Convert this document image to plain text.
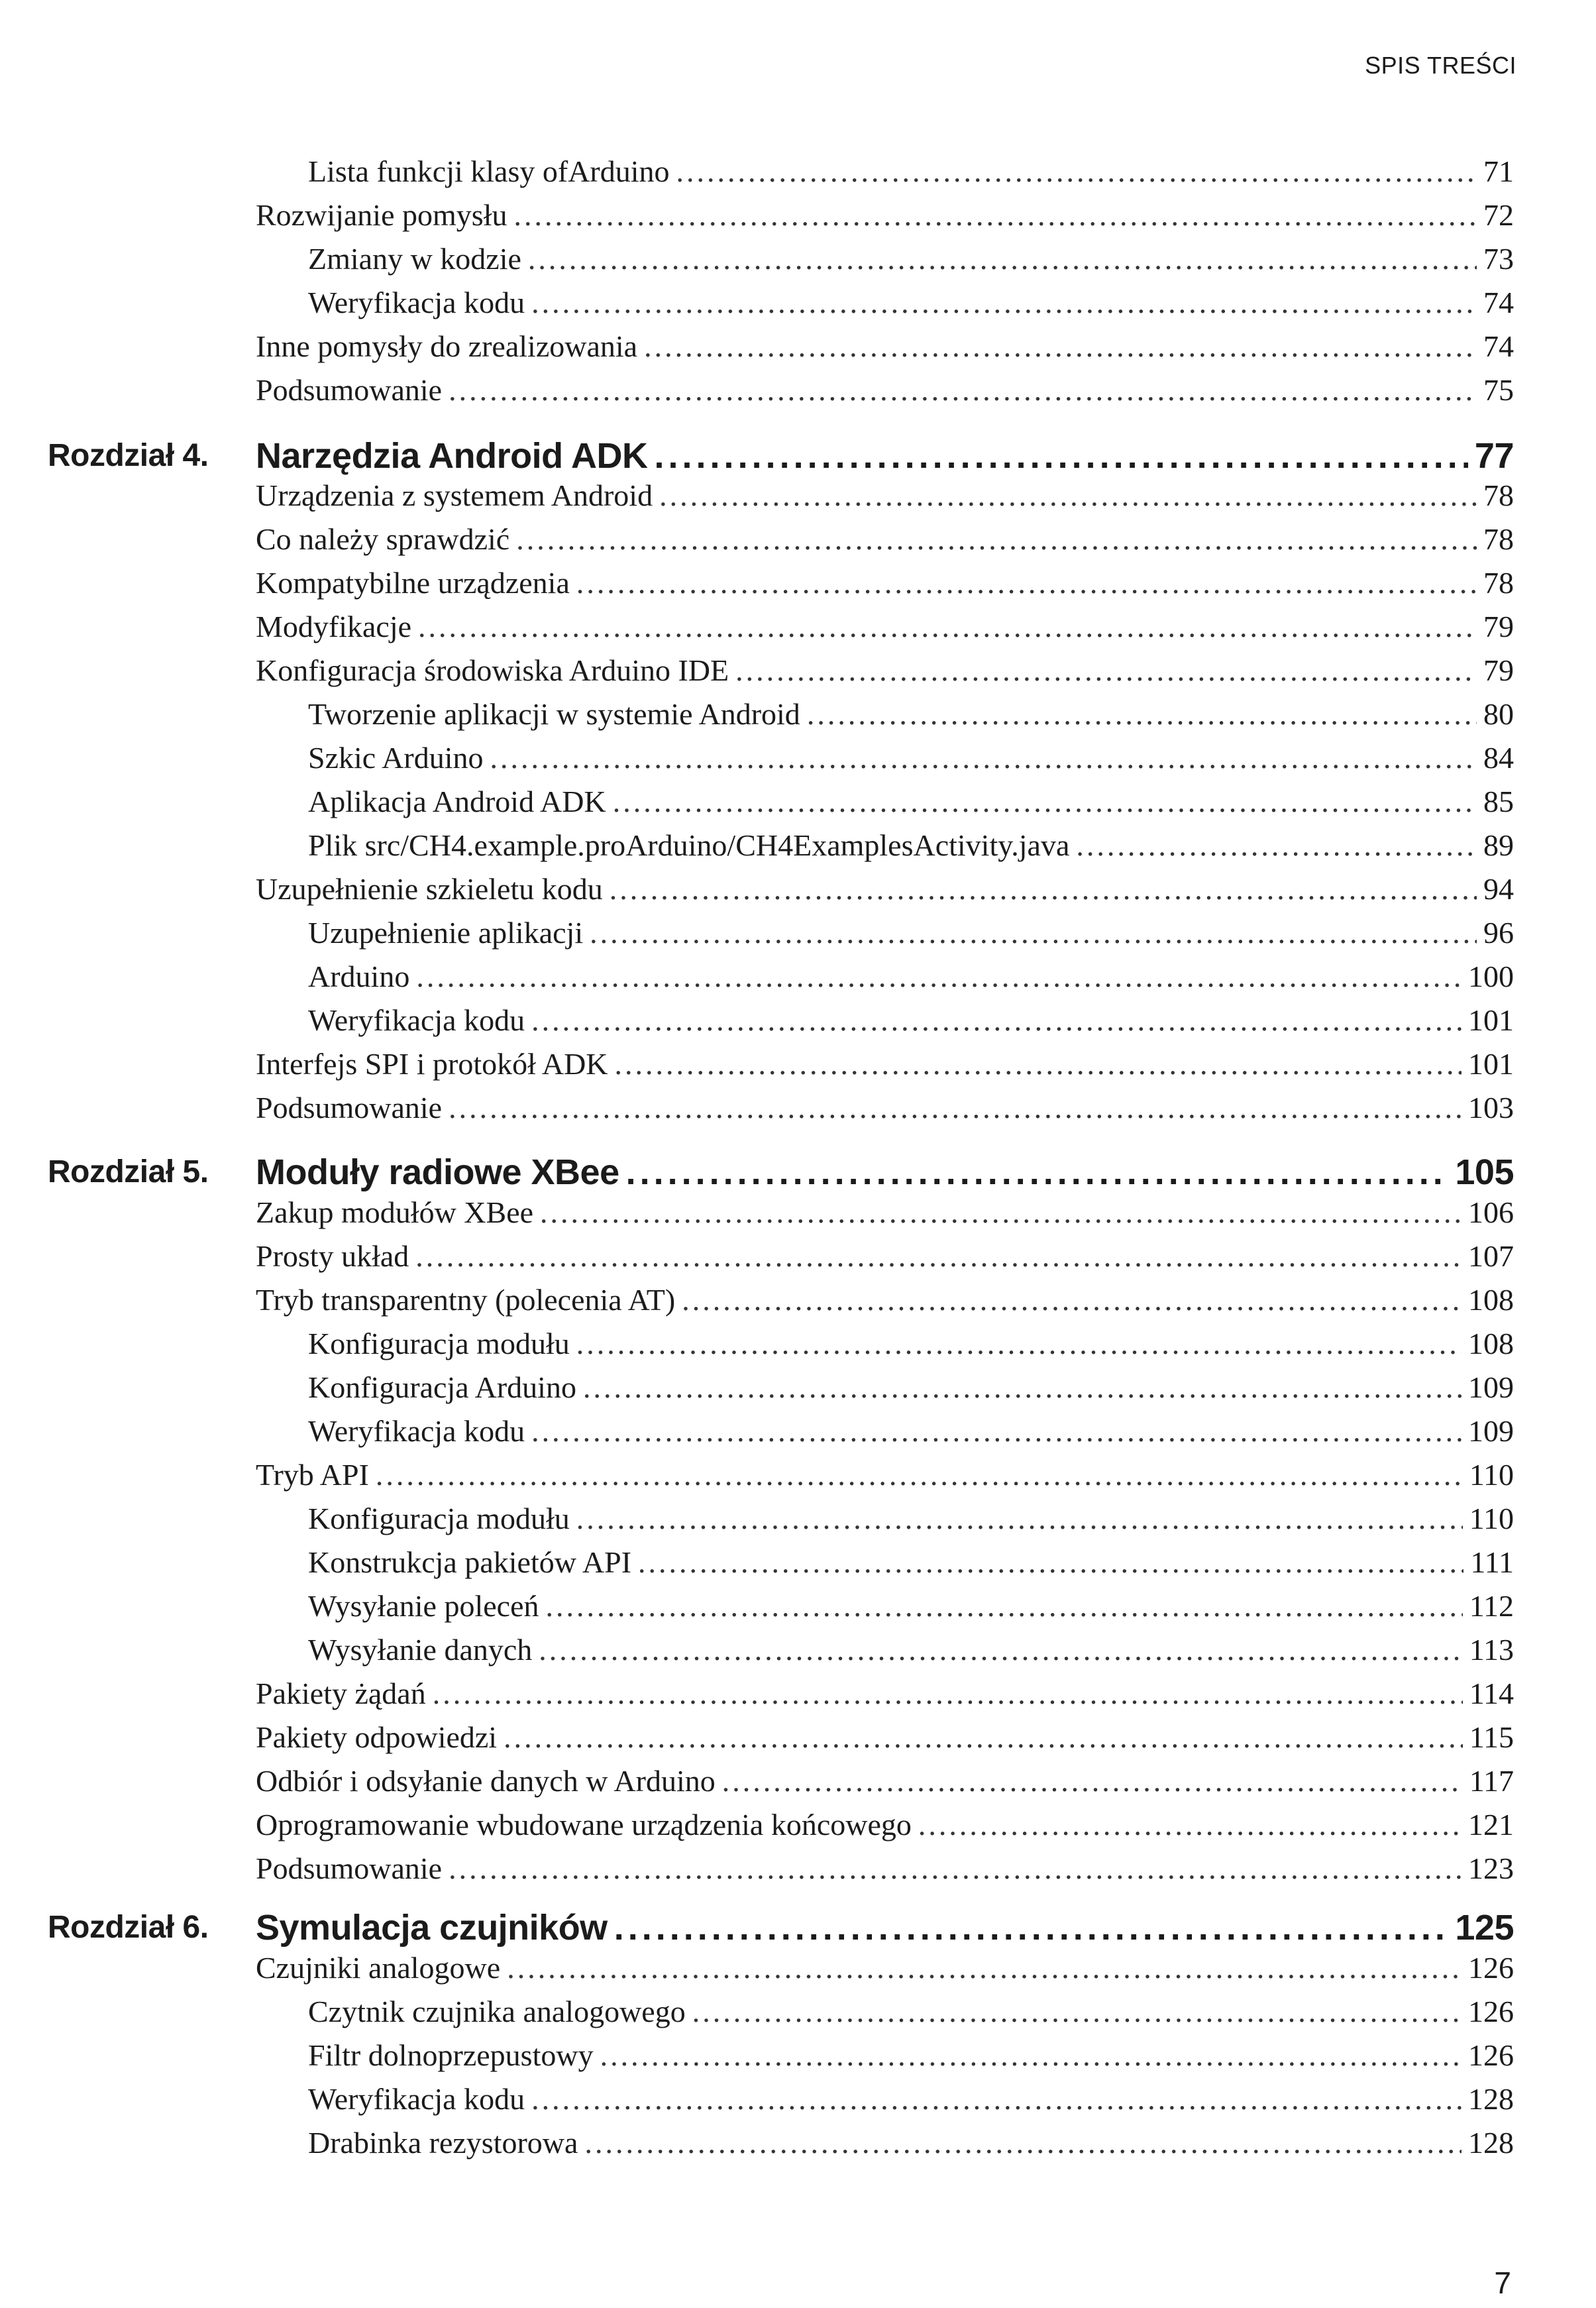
SPIS TREŚCI
Lista funkcji klasy ofArduino .....	71
Rozwijanie pomysłu .....	72
Zmiany w kodzie .....	73
Weryfikacja kodu .....	74
Inne pomysły do zrealizowania .....	74
Podsumowanie .....	75
Rozdział 4. Narzędzia Android ADK .....	77
Urządzenia z systemem Android .....	78
Co należy sprawdzić .....	78
Kompatybilne urządzenia .....	78
Modyfikacje .....	79
Konfiguracja środowiska Arduino IDE .....	79
Tworzenie aplikacji w systemie Android .....	80
Szkic Arduino .....	84
Aplikacja Android ADK .....	85
Plik src/CH4.example.proArduino/CH4ExamplesActivity.java .....	89
Uzupełnienie szkieletu kodu .....	94
Uzupełnienie aplikacji .....	96
Arduino .....	100
Weryfikacja kodu .....	101
Interfejs SPI i protokół ADK .....	101
Podsumowanie .....	103
Rozdział 5. Moduły radiowe XBee .....	105
Zakup modułów XBee .....	106
Prosty układ .....	107
Tryb transparentny (polecenia AT) .....	108
Konfiguracja modułu .....	108
Konfiguracja Arduino .....	109
Weryfikacja kodu .....	109
Tryb API .....	110
Konfiguracja modułu .....	110
Konstrukcja pakietów API .....	111
Wysyłanie poleceń .....	112
Wysyłanie danych .....	113
Pakiety żądań .....	114
Pakiety odpowiedzi .....	115
Odbiór i odsyłanie danych w Arduino .....	117
Oprogramowanie wbudowane urządzenia końcowego .....	121
Podsumowanie .....	123
Rozdział 6. Symulacja czujników .....	125
Czujniki analogowe .....	126
Czytnik czujnika analogowego .....	126
Filtr dolnoprzepustowy .....	126
Weryfikacja kodu .....	128
Drabinka rezystorowa .....	128
7
